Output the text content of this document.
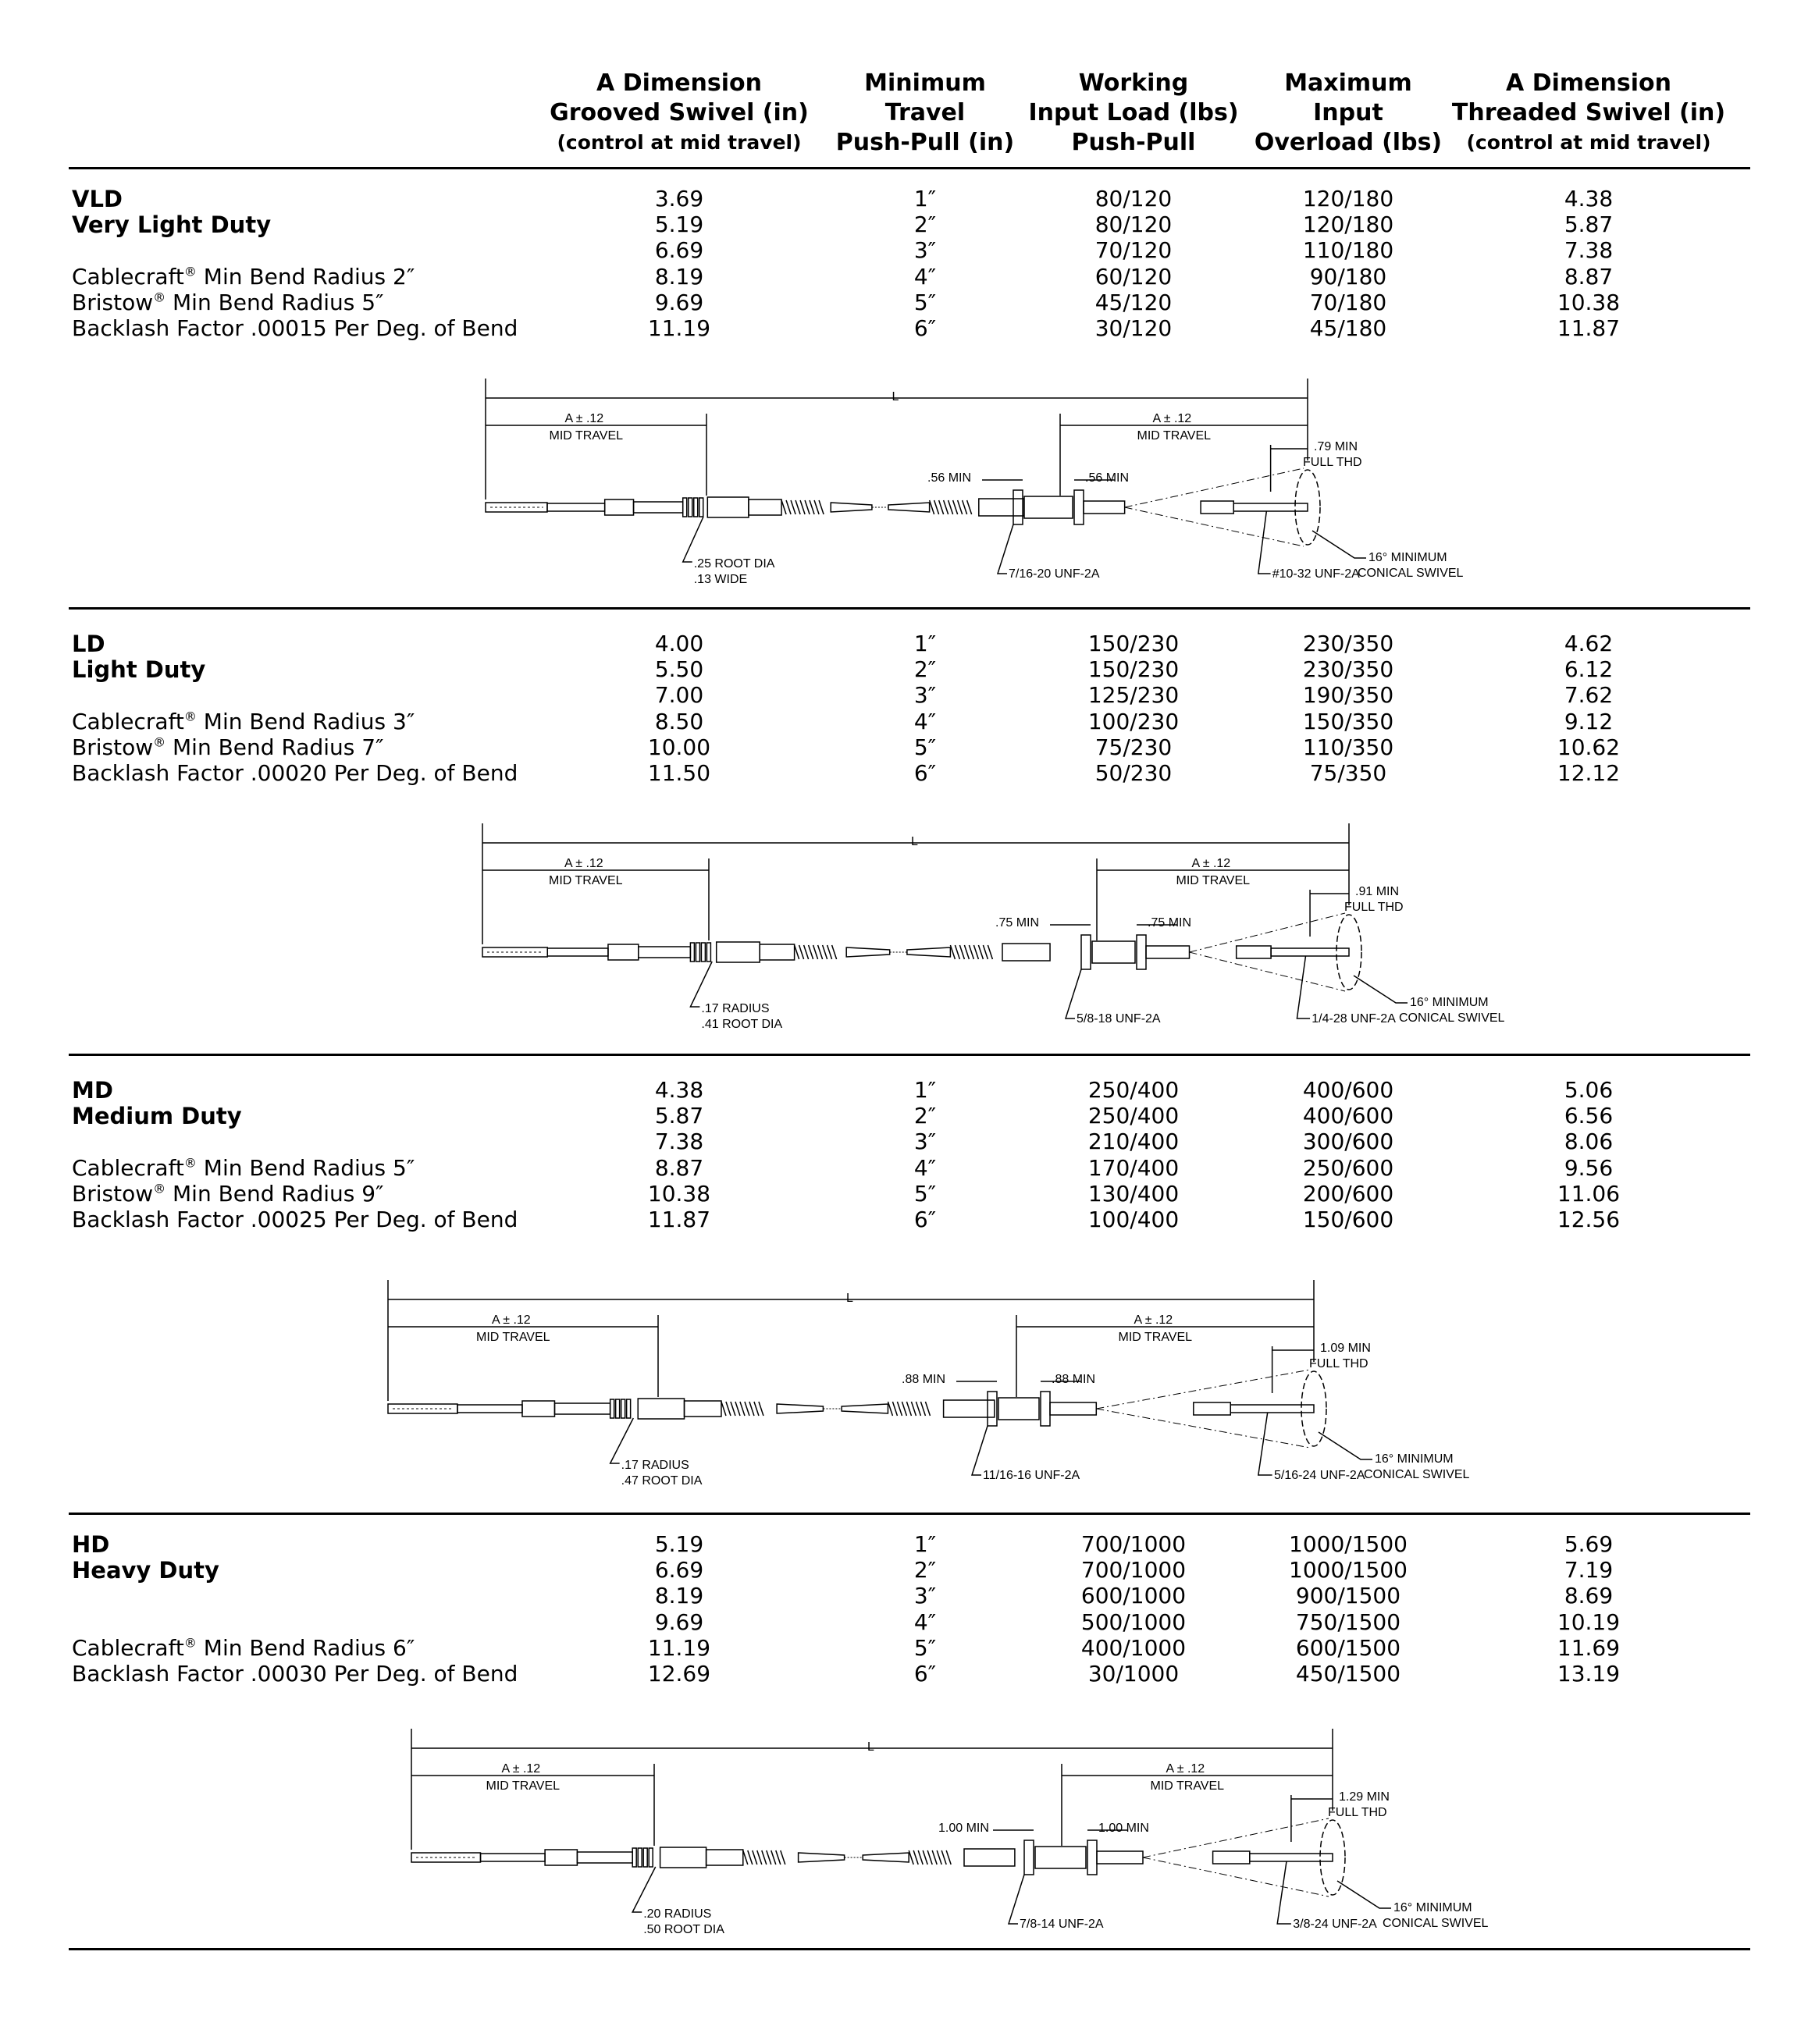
A Dimension
Grooved Swivel (in)
(control at mid travel)
Minimum
Travel
Push-Pull (in)
Working
Input Load (lbs)
Push-Pull
Maximum
Input
Overload (lbs)
A Dimension
Threaded Swivel (in)
(control at mid travel)
VLD
Very Light Duty
Cablecraft® Min Bend Radius 2″
Bristow® Min Bend Radius 5″
Backlash Factor .00015 Per Deg. of Bend
3.69	1″	80/120	120/180	4.38
5.19	2″	80/120	120/180	5.87
6.69	3″	70/120	110/180	7.38
8.19	4″	60/120	90/180	8.87
9.69	5″	45/120	70/180	10.38
11.19	6″	30/120	45/180	11.87
L
A ± .12
MID TRAVEL
A ± .12
MID TRAVEL
.56 MIN	.56 MIN
.79 MIN
FULL THD
.25 ROOT DIA
.13 WIDE	7/16-20 UNF-2A	#10-32 UNF-2A
16° MINIMUM
CONICAL SWIVEL
LD
Light Duty
Cablecraft® Min Bend Radius 3″
Bristow® Min Bend Radius 7″
Backlash Factor .00020 Per Deg. of Bend
4.00	1″	150/230	230/350	4.62
5.50	2″	150/230	230/350	6.12
7.00	3″	125/230	190/350	7.62
8.50	4″	100/230	150/350	9.12
10.00	5″	75/230	110/350	10.62
11.50	6″	50/230	75/350	12.12
L
A ± .12
MID TRAVEL
A ± .12
MID TRAVEL
.75 MIN	.75 MIN
.91 MIN
FULL THD
.17 RADIUS
.41 ROOT DIA	5/8-18 UNF-2A	1/4-28 UNF-2A
16° MINIMUM
CONICAL SWIVEL
MD
Medium Duty
Cablecraft® Min Bend Radius 5″
Bristow® Min Bend Radius 9″
Backlash Factor .00025 Per Deg. of Bend
4.38	1″	250/400	400/600	5.06
5.87	2″	250/400	400/600	6.56
7.38	3″	210/400	300/600	8.06
8.87	4″	170/400	250/600	9.56
10.38	5″	130/400	200/600	11.06
11.87	6″	100/400	150/600	12.56
L
A ± .12
MID TRAVEL
A ± .12
MID TRAVEL
.88 MIN	.88 MIN
1.09 MIN
FULL THD
.17 RADIUS
.47 ROOT DIA	11/16-16 UNF-2A	5/16-24 UNF-2A
16° MINIMUM
CONICAL SWIVEL
HD
Heavy Duty
Cablecraft® Min Bend Radius 6″
Backlash Factor .00030 Per Deg. of Bend
5.19	1″	700/1000	1000/1500	5.69
6.69	2″	700/1000	1000/1500	7.19
8.19	3″	600/1000	900/1500	8.69
9.69	4″	500/1000	750/1500	10.19
11.19	5″	400/1000	600/1500	11.69
12.69	6″	30/1000	450/1500	13.19
L
A ± .12
MID TRAVEL
A ± .12
MID TRAVEL
1.00 MIN	1.00 MIN
1.29 MIN
FULL THD
.20 RADIUS
.50 ROOT DIA	7/8-14 UNF-2A	3/8-24 UNF-2A
16° MINIMUM
CONICAL SWIVEL
